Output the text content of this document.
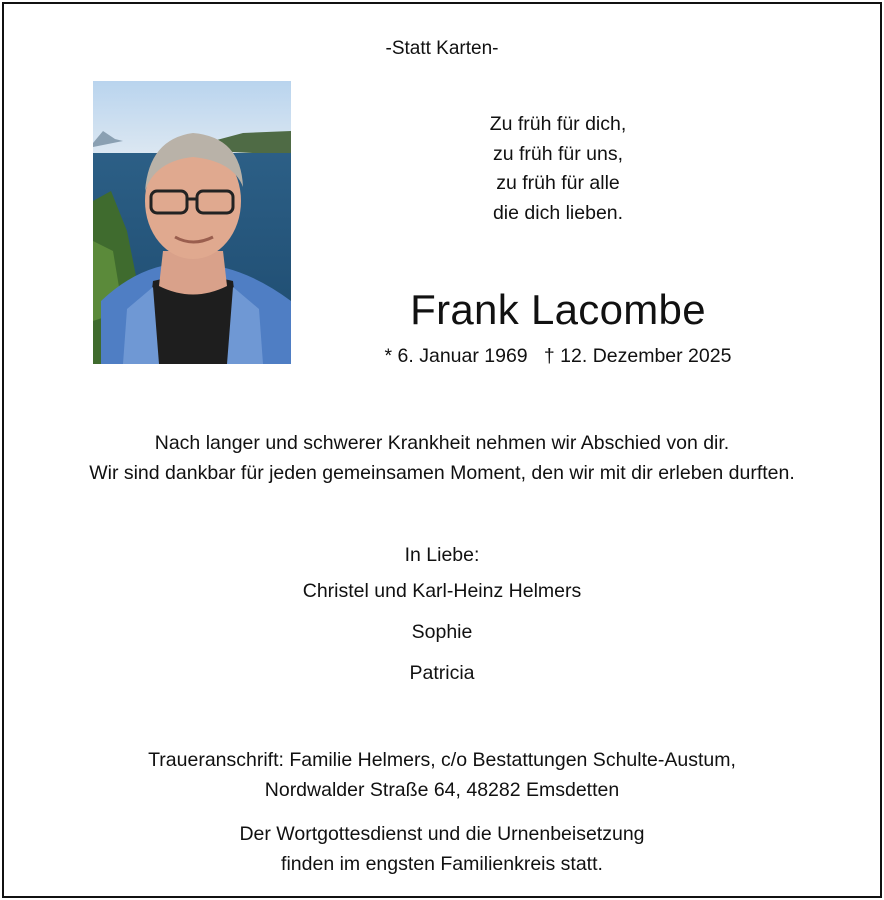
-Statt Karten-
Zu früh für dich,
zu früh für uns,
zu früh für alle
die dich lieben.
Frank Lacombe
* 6. Januar 1969 † 12. Dezember 2025
Nach langer und schwerer Krankheit nehmen wir Abschied von dir.
Wir sind dankbar für jeden gemeinsamen Moment, den wir mit dir erleben durften.
In Liebe:
Christel und Karl-Heinz Helmers
Sophie
Patricia
Traueranschrift: Familie Helmers, c/o Bestattungen Schulte-Austum,
Nordwalder Straße 64, 48282 Emsdetten
Der Wortgottesdienst und die Urnenbeisetzung
finden im engsten Familienkreis statt.
